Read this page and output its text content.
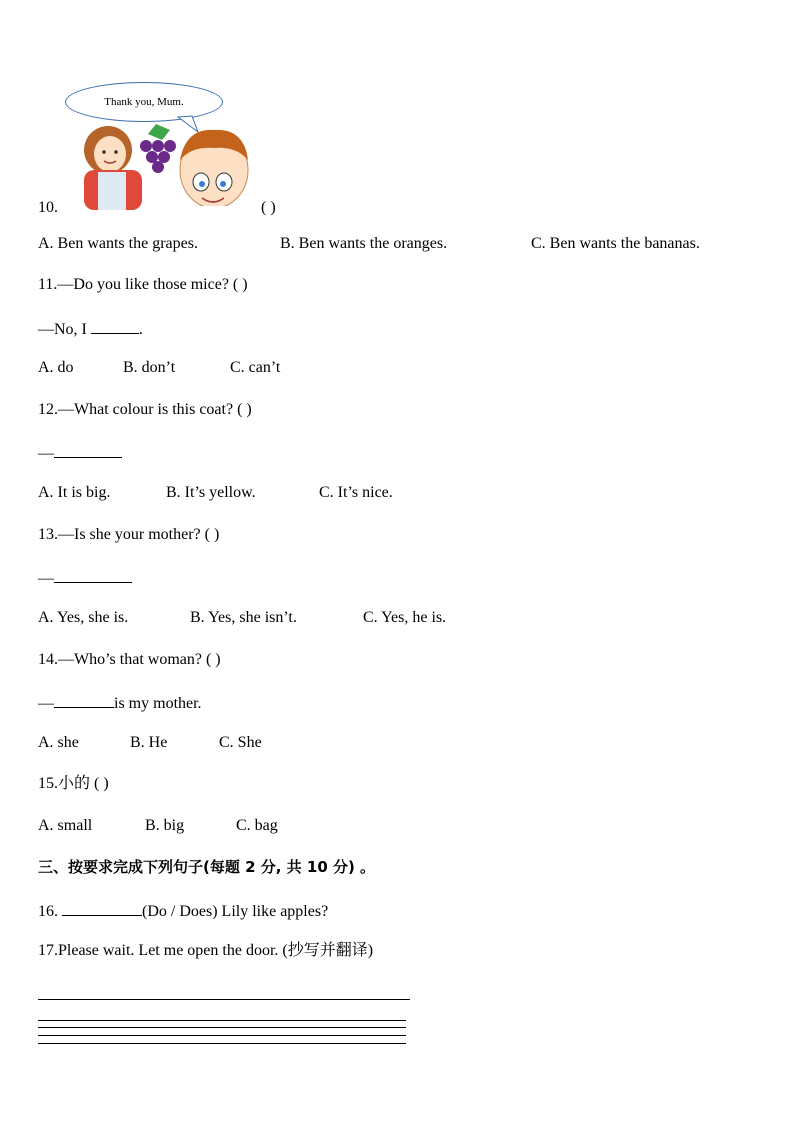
Thank you, Mum.
10.	( )
A. Ben wants the grapes.	B. Ben wants the oranges.	C. Ben wants the bananas.
11.—Do you like those mice? ( )
—No, I	.
A. do	B. don’t	C. can’t
12.—What colour is this coat? ( )
—
A. It is big.	B. It’s yellow.	C. It’s nice.
13.—Is she your mother? ( )
—
A. Yes, she is.	B. Yes, she isn’t.	C. Yes, he is.
14.—Who’s that woman? ( )
—	is my mother.
A. she	B. He	C. She
15.小的 ( )
A. small	B. big	C. bag
三、按要求完成下列句子(每题 2 分, 共 10 分) 。
16.	(Do / Does) Lily like apples?
17.Please wait. Let me open the door. (抄写并翻译)
